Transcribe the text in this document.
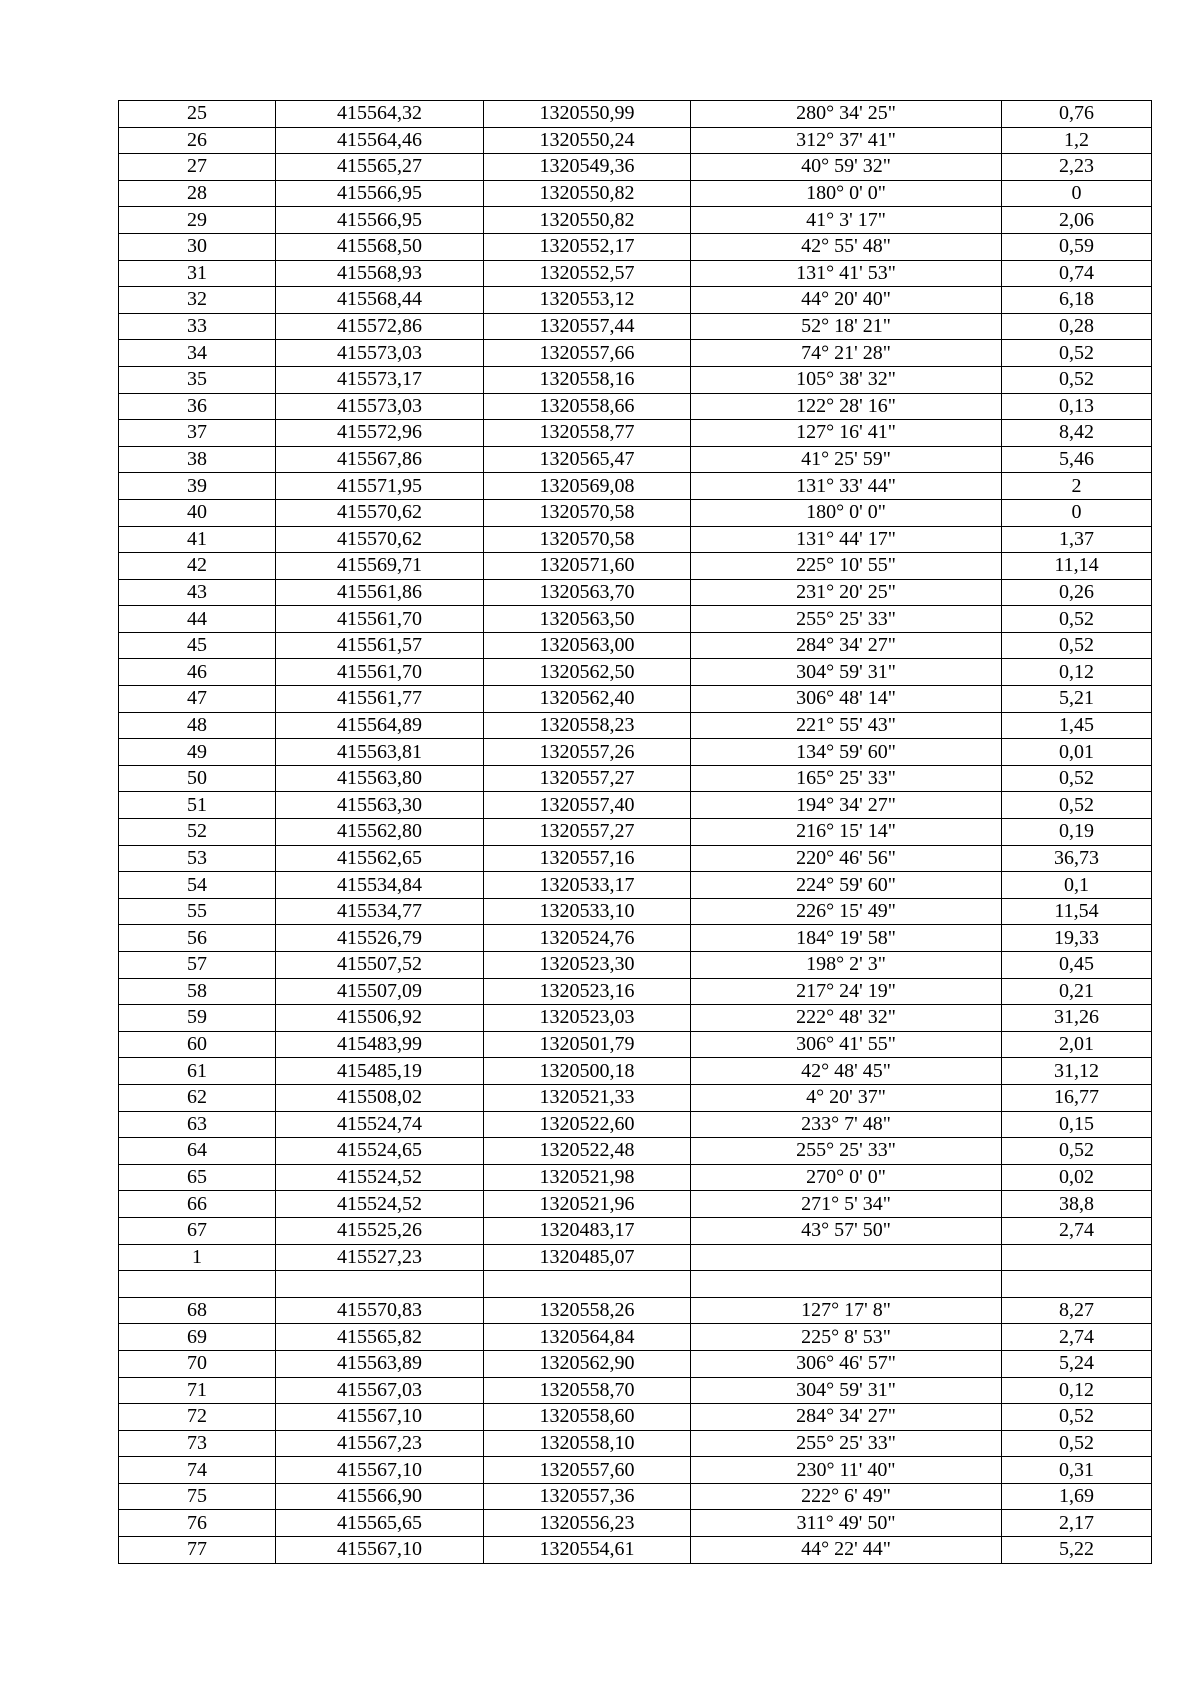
25	415564,32	1320550,99	280° 34' 25"	0,76
26	415564,46	1320550,24	312° 37' 41"	1,2
27	415565,27	1320549,36	40° 59' 32"	2,23
28	415566,95	1320550,82	180° 0' 0"	0
29	415566,95	1320550,82	41° 3' 17"	2,06
30	415568,50	1320552,17	42° 55' 48"	0,59
31	415568,93	1320552,57	131° 41' 53"	0,74
32	415568,44	1320553,12	44° 20' 40"	6,18
33	415572,86	1320557,44	52° 18' 21"	0,28
34	415573,03	1320557,66	74° 21' 28"	0,52
35	415573,17	1320558,16	105° 38' 32"	0,52
36	415573,03	1320558,66	122° 28' 16"	0,13
37	415572,96	1320558,77	127° 16' 41"	8,42
38	415567,86	1320565,47	41° 25' 59"	5,46
39	415571,95	1320569,08	131° 33' 44"	2
40	415570,62	1320570,58	180° 0' 0"	0
41	415570,62	1320570,58	131° 44' 17"	1,37
42	415569,71	1320571,60	225° 10' 55"	11,14
43	415561,86	1320563,70	231° 20' 25"	0,26
44	415561,70	1320563,50	255° 25' 33"	0,52
45	415561,57	1320563,00	284° 34' 27"	0,52
46	415561,70	1320562,50	304° 59' 31"	0,12
47	415561,77	1320562,40	306° 48' 14"	5,21
48	415564,89	1320558,23	221° 55' 43"	1,45
49	415563,81	1320557,26	134° 59' 60"	0,01
50	415563,80	1320557,27	165° 25' 33"	0,52
51	415563,30	1320557,40	194° 34' 27"	0,52
52	415562,80	1320557,27	216° 15' 14"	0,19
53	415562,65	1320557,16	220° 46' 56"	36,73
54	415534,84	1320533,17	224° 59' 60"	0,1
55	415534,77	1320533,10	226° 15' 49"	11,54
56	415526,79	1320524,76	184° 19' 58"	19,33
57	415507,52	1320523,30	198° 2' 3"	0,45
58	415507,09	1320523,16	217° 24' 19"	0,21
59	415506,92	1320523,03	222° 48' 32"	31,26
60	415483,99	1320501,79	306° 41' 55"	2,01
61	415485,19	1320500,18	42° 48' 45"	31,12
62	415508,02	1320521,33	4° 20' 37"	16,77
63	415524,74	1320522,60	233° 7' 48"	0,15
64	415524,65	1320522,48	255° 25' 33"	0,52
65	415524,52	1320521,98	270° 0' 0"	0,02
66	415524,52	1320521,96	271° 5' 34"	38,8
67	415525,26	1320483,17	43° 57' 50"	2,74
1	415527,23	1320485,07		

68	415570,83	1320558,26	127° 17' 8"	8,27
69	415565,82	1320564,84	225° 8' 53"	2,74
70	415563,89	1320562,90	306° 46' 57"	5,24
71	415567,03	1320558,70	304° 59' 31"	0,12
72	415567,10	1320558,60	284° 34' 27"	0,52
73	415567,23	1320558,10	255° 25' 33"	0,52
74	415567,10	1320557,60	230° 11' 40"	0,31
75	415566,90	1320557,36	222° 6' 49"	1,69
76	415565,65	1320556,23	311° 49' 50"	2,17
77	415567,10	1320554,61	44° 22' 44"	5,22
